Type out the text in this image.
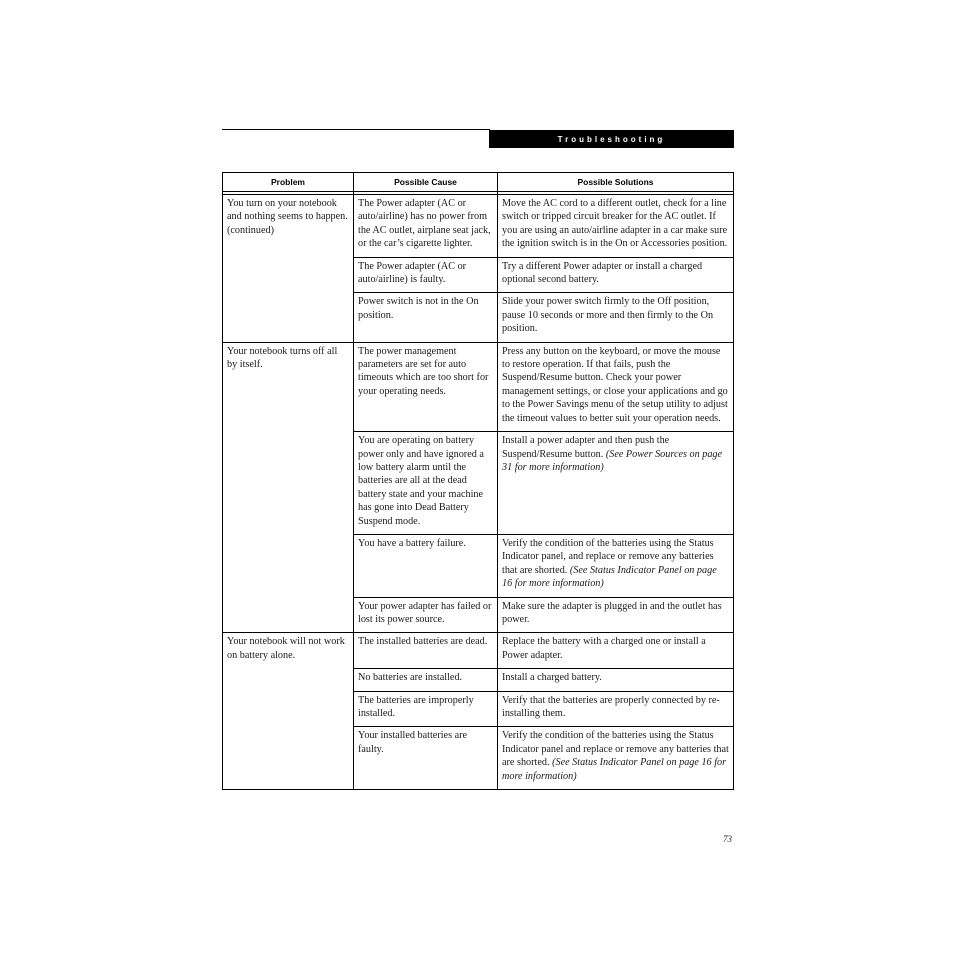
Troubleshooting
Problem	Possible Cause	Possible Solutions

You turn on your notebook and nothing seems to happen. (continued)	The Power adapter (AC or auto/airline) has no power from the AC outlet, airplane seat jack, or the car’s cigarette lighter.	Move the AC cord to a different outlet, check for a line switch or tripped circuit breaker for the AC outlet. If you are using an auto/airline adapter in a car make sure the ignition switch is in the On or Accessories position.
	The Power adapter (AC or auto/airline) is faulty.	Try a different Power adapter or install a charged optional second battery.
	Power switch is not in the On position.	Slide your power switch firmly to the Off position, pause 10 seconds or more and then firmly to the On position.
Your notebook turns off all by itself.	The power management parameters are set for auto timeouts which are too short for your operating needs.	Press any button on the keyboard, or move the mouse to restore operation. If that fails, push the Suspend/Resume button. Check your power management settings, or close your applications and go to the Power Savings menu of the setup utility to adjust the timeout values to better suit your operation needs.
	You are operating on battery power only and have ignored a low battery alarm until the batteries are all at the dead battery state and your machine has gone into Dead Battery Suspend mode.	Install a power adapter and then push the Suspend/Resume button. (See Power Sources on page 31 for more information)
	You have a battery failure.	Verify the condition of the batteries using the Status Indicator panel, and replace or remove any batteries that are shorted. (See Status Indicator Panel on page 16 for more information)
	Your power adapter has failed or lost its power source.	Make sure the adapter is plugged in and the outlet has power.
Your notebook will not work on battery alone.	The installed batteries are dead.	Replace the battery with a charged one or install a Power adapter.
	No batteries are installed.	Install a charged battery.
	The batteries are improperly installed.	Verify that the batteries are properly connected by re-installing them.
	Your installed batteries are faulty.	Verify the condition of the batteries using the Status Indicator panel and replace or remove any batteries that are shorted. (See Status Indicator Panel on page 16 for more information)
73
